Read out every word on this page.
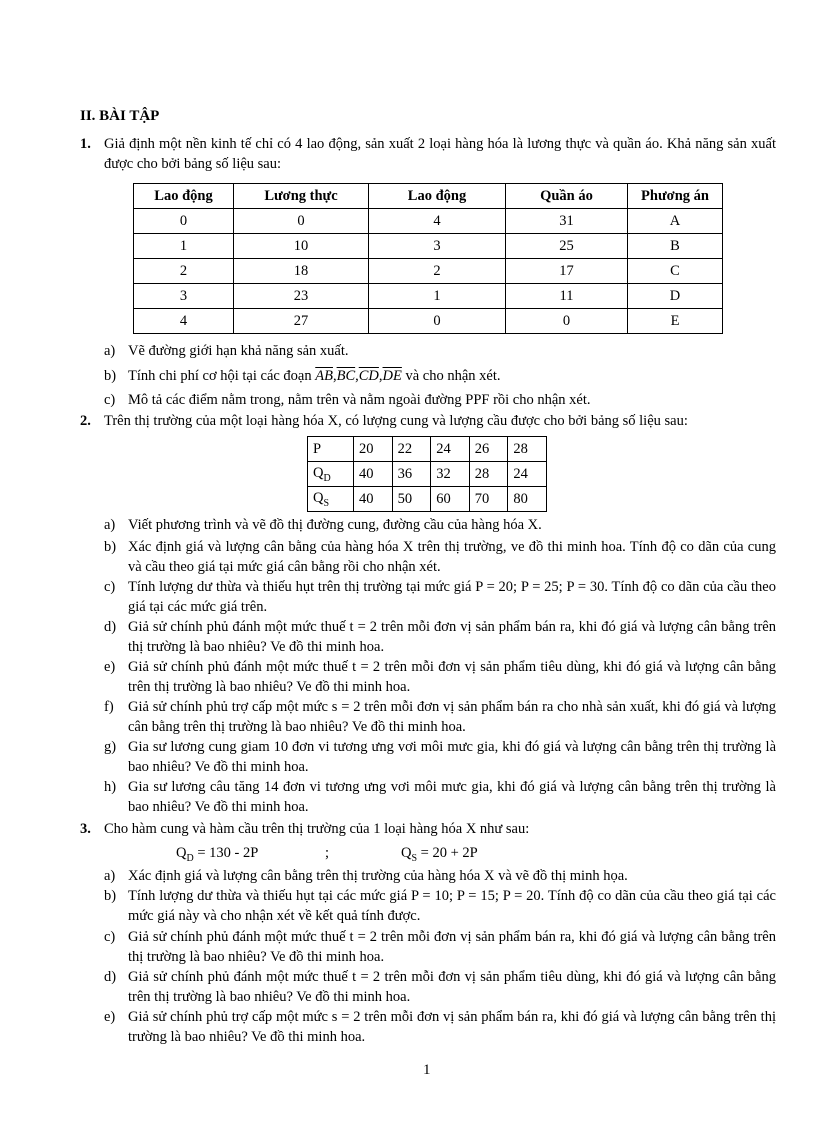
II. BÀI TẬP
1. Giả định một nền kinh tế chỉ có 4 lao động, sản xuất 2 loại hàng hóa là lương thực và quần áo. Khả năng sản xuất được cho bởi bảng số liệu sau:
Lao động	Lương thực	Lao động	Quần áo	Phương án
0	0	4	31	A
1	10	3	25	B
2	18	2	17	C
3	23	1	11	D
4	27	0	0	E
a) Vẽ đường giới hạn khả năng sản xuất.
b) Tính chi phí cơ hội tại các đoạn $\overline{AB},\overline{BC},\overline{CD},\overline{DE}$ và cho nhận xét.
c) Mô tả các điểm nằm trong, nằm trên và nằm ngoài đường PPF rồi cho nhận xét.
2. Trên thị trường của một loại hàng hóa X, có lượng cung và lượng cầu được cho bởi bảng số liệu sau:
P	20	22	24	26	28
$Q_D$	40	36	32	28	24
$Q_S$	40	50	60	70	80
a) Viết phương trình và vẽ đồ thị đường cung, đường cầu của hàng hóa X.
b) Xác định giá và lượng cân bằng của hàng hóa X trên thị trường, ve đồ thi minh hoa. Tính độ co dãn của cung và cầu theo giá tại mức giá cân bằng rồi cho nhận xét.
c) Tính lượng dư thừa và thiếu hụt trên thị trường tại mức giá P = 20; P = 25; P = 30. Tính độ co dãn của cầu theo giá tại các mức giá trên.
d) Giả sử chính phủ đánh một mức thuế t = 2 trên mỗi đơn vị sản phẩm bán ra, khi đó giá và lượng cân bằng trên thị trường là bao nhiêu? Ve đồ thi minh hoa.
e) Giả sử chính phủ đánh một mức thuế t = 2 trên mỗi đơn vị sản phẩm tiêu dùng, khi đó giá và lượng cân bằng trên thị trường là bao nhiêu? Ve đồ thi minh hoa.
f) Giả sử chính phủ trợ cấp một mức s = 2 trên mỗi đơn vị sản phẩm bán ra cho nhà sản xuất, khi đó giá và lượng cân bằng trên thị trường là bao nhiêu? Ve đồ thi minh hoa.
g) Gia sư lương cung giam 10 đơn vi tương ưng vơi môi mưc gia, khi đó giá và lượng cân bằng trên thị trường là bao nhiêu? Ve đồ thi minh hoa.
h) Gia sư lương câu tăng 14 đơn vi tương ưng vơi môi mưc gia, khi đó giá và lượng cân bằng trên thị trường là bao nhiêu? Ve đồ thi minh hoa.
3. Cho hàm cung và hàm cầu trên thị trường của 1 loại hàng hóa X như sau:
$Q_D = 130 - 2P$	;	$Q_S = 20 + 2P$
a) Xác định giá và lượng cân bằng trên thị trường của hàng hóa X và vẽ đồ thị minh họa.
b) Tính lượng dư thừa và thiếu hụt tại các mức giá P = 10; P = 15; P = 20. Tính độ co dãn của cầu theo giá tại các mức giá này và cho nhận xét về kết quả tính được.
c) Giả sử chính phủ đánh một mức thuế t = 2 trên mỗi đơn vị sản phẩm bán ra, khi đó giá và lượng cân bằng trên thị trường là bao nhiêu? Ve đồ thi minh hoa.
d) Giả sử chính phủ đánh một mức thuế t = 2 trên mỗi đơn vị sản phẩm tiêu dùng, khi đó giá và lượng cân bằng trên thị trường là bao nhiêu? Ve đồ thi minh hoa.
e) Giả sử chính phủ trợ cấp một mức s = 2 trên mỗi đơn vị sản phẩm bán ra, khi đó giá và lượng cân bằng trên thị trường là bao nhiêu? Ve đồ thi minh hoa.
1
